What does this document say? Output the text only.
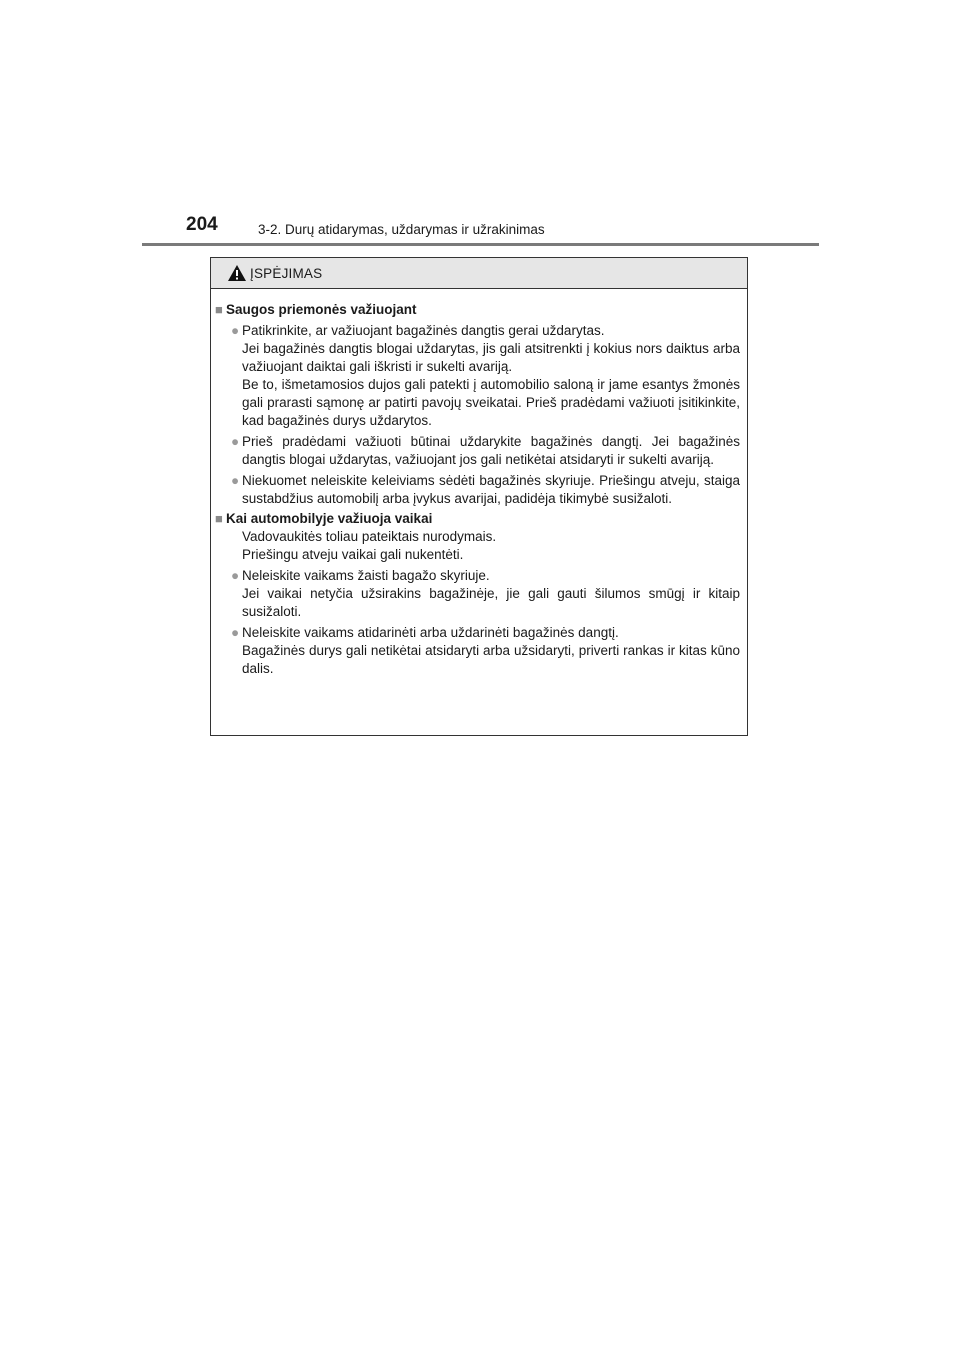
204	3-2. Durų atidarymas, uždarymas ir užrakinimas
ĮSPĖJIMAS
■ Saugos priemonės važiuojant
● Patikrinkite, ar važiuojant bagažinės dangtis gerai uždarytas.

Jei bagažinės dangtis blogai uždarytas, jis gali atsitrenkti į kokius nors daiktus arba važiuojant daiktai gali iškristi ir sukelti avariją.

Be to, išmetamosios dujos gali patekti į automobilio saloną ir jame esantys žmonės gali prarasti sąmonę ar patirti pavojų sveikatai. Prieš pradėdami važiuoti įsitikinkite, kad bagažinės durys uždarytos.

● Prieš pradėdami važiuoti būtinai uždarykite bagažinės dangtį. Jei bagažinės dangtis blogai uždarytas, važiuojant jos gali netikėtai atsidaryti ir sukelti avariją.

● Niekuomet neleiskite keleiviams sėdėti bagažinės skyriuje. Priešingu atveju, staiga sustabdžius automobilį arba įvykus avarijai, padidėja tikimybė susižaloti.

■ Kai automobilyje važiuoja vaikai

Vadovaukitės toliau pateiktais nurodymais.

Priešingu atveju vaikai gali nukentėti.

● Neleiskite vaikams žaisti bagažo skyriuje.

Jei vaikai netyčia užsirakins bagažinėje, jie gali gauti šilumos smūgį ir kitaip susižaloti.

● Neleiskite vaikams atidarinėti arba uždarinėti bagažinės dangtį.

Bagažinės durys gali netikėtai atsidaryti arba užsidaryti, priverti rankas ir kitas kūno dalis.
